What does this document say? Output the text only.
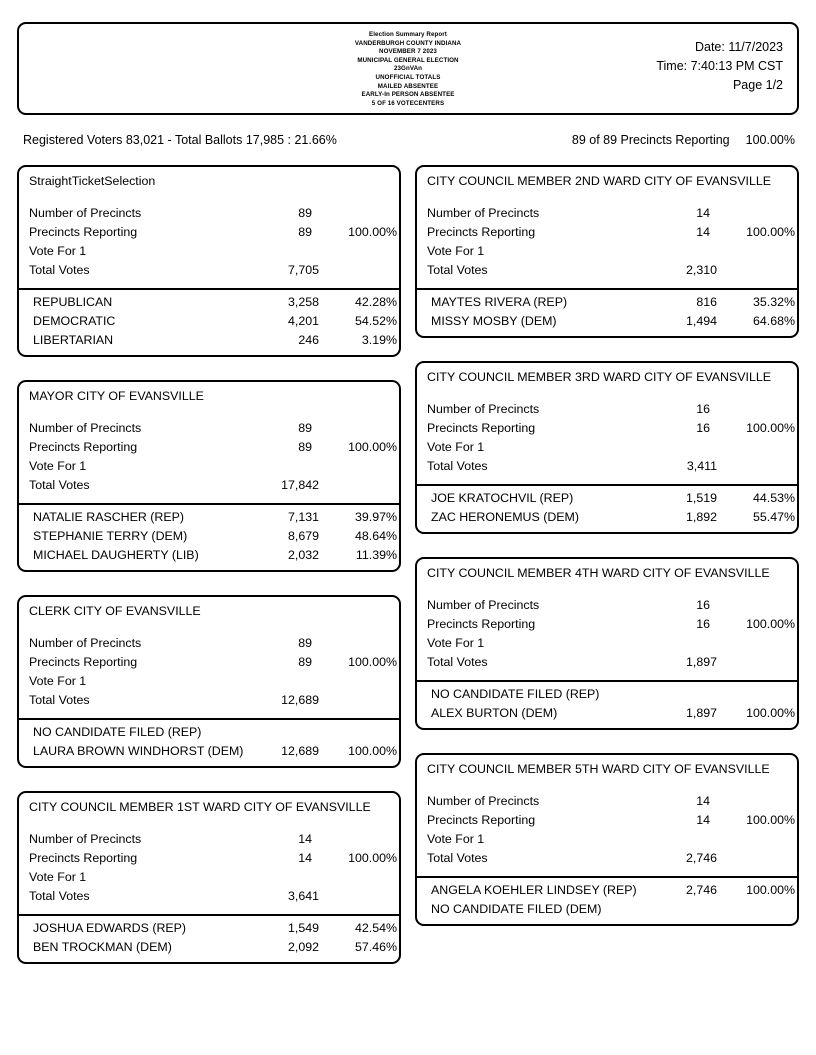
Election Summary Report
VANDERBURGH COUNTY INDIANA
NOVEMBER 7 2023
MUNICIPAL GENERAL ELECTION
23GnVAn
UNOFFICIAL TOTALS
MAILED ABSENTEE
EARLY-In PERSON ABSENTEE
5 OF 16 VOTECENTERS
Date: 11/7/2023
Time: 7:40:13 PM CST
Page 1/2
Registered Voters 83,021 - Total Ballots 17,985 : 21.66%	89 of 89 Precincts Reporting 100.00%
StraightTicketSelection
Number of Precincts	89
Precincts Reporting	89	100.00%
Vote For 1
Total Votes	7,705
REPUBLICAN	3,258	42.28%
DEMOCRATIC	4,201	54.52%
LIBERTARIAN	246	3.19%
MAYOR CITY OF EVANSVILLE
Number of Precincts	89
Precincts Reporting	89	100.00%
Vote For 1
Total Votes	17,842
NATALIE RASCHER (REP)	7,131	39.97%
STEPHANIE TERRY (DEM)	8,679	48.64%
MICHAEL DAUGHERTY (LIB)	2,032	11.39%
CLERK CITY OF EVANSVILLE
Number of Precincts	89
Precincts Reporting	89	100.00%
Vote For 1
Total Votes	12,689
NO CANDIDATE FILED (REP)
LAURA BROWN WINDHORST (DEM)	12,689	100.00%
CITY COUNCIL MEMBER 1ST WARD CITY OF EVANSVILLE
Number of Precincts	14
Precincts Reporting	14	100.00%
Vote For 1
Total Votes	3,641
JOSHUA EDWARDS (REP)	1,549	42.54%
BEN TROCKMAN (DEM)	2,092	57.46%
CITY COUNCIL MEMBER 2ND WARD CITY OF EVANSVILLE
Number of Precincts	14
Precincts Reporting	14	100.00%
Vote For 1
Total Votes	2,310
MAYTES RIVERA (REP)	816	35.32%
MISSY MOSBY (DEM)	1,494	64.68%
CITY COUNCIL MEMBER 3RD WARD CITY OF EVANSVILLE
Number of Precincts	16
Precincts Reporting	16	100.00%
Vote For 1
Total Votes	3,411
JOE KRATOCHVIL (REP)	1,519	44.53%
ZAC HERONEMUS (DEM)	1,892	55.47%
CITY COUNCIL MEMBER 4TH WARD CITY OF EVANSVILLE
Number of Precincts	16
Precincts Reporting	16	100.00%
Vote For 1
Total Votes	1,897
NO CANDIDATE FILED (REP)
ALEX BURTON (DEM)	1,897	100.00%
CITY COUNCIL MEMBER 5TH WARD CITY OF EVANSVILLE
Number of Precincts	14
Precincts Reporting	14	100.00%
Vote For 1
Total Votes	2,746
ANGELA KOEHLER LINDSEY (REP)	2,746	100.00%
NO CANDIDATE FILED (DEM)
